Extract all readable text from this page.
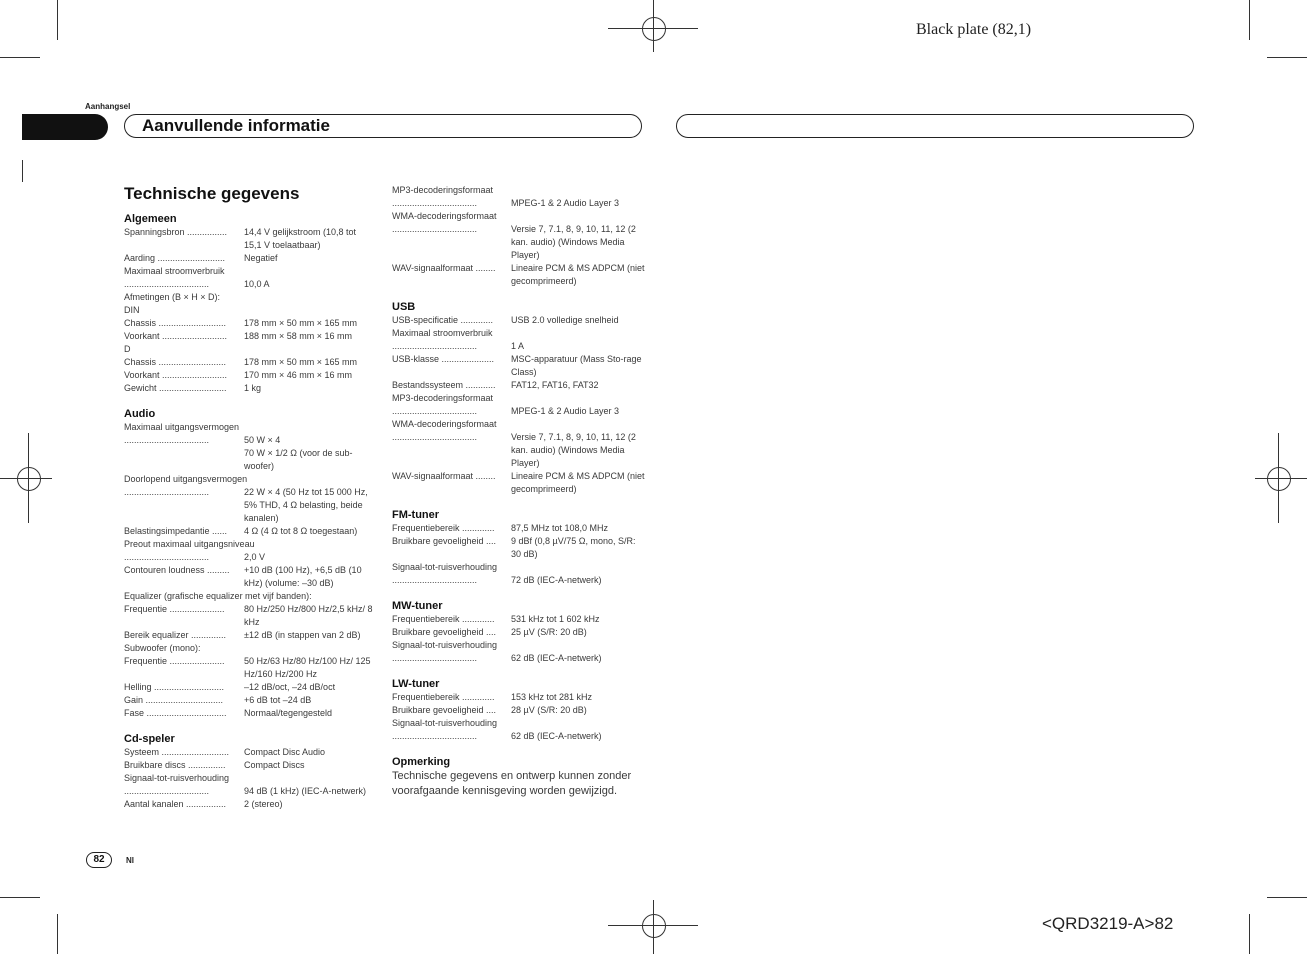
Black plate (82,1)
<QRD3219-A>82
Aanhangsel
Aanvullende informatie
Technische gegevens
Algemeen
Spanningsbron ................	14,4 V gelijkstroom (10,8 tot 15,1 V toelaatbaar)
Aarding ...........................	Negatief
Maximaal stroomverbruik
..................................	10,0 A
Afmetingen (B × H × D):
DIN
Chassis ...........................	178 mm × 50 mm × 165 mm
Voorkant ..........................	188 mm × 58 mm × 16 mm
D
Chassis ...........................	178 mm × 50 mm × 165 mm
Voorkant ..........................	170 mm × 46 mm × 16 mm
Gewicht ...........................	1 kg
Audio
Maximaal uitgangsvermogen
..................................	50 W × 4
70 W × 1/2 Ω (voor de sub-woofer)
Doorlopend uitgangsvermogen
..................................	22 W × 4 (50 Hz tot 15 000 Hz, 5% THD, 4 Ω belasting, beide kanalen)
Belastingsimpedantie ......	4 Ω (4 Ω tot 8 Ω toegestaan)
Preout maximaal uitgangsniveau
..................................	2,0 V
Contouren loudness .........	+10 dB (100 Hz), +6,5 dB (10 kHz) (volume: –30 dB)
Equalizer (grafische equalizer met vijf banden):
Frequentie ......................	80 Hz/250 Hz/800 Hz/2,5 kHz/ 8 kHz
Bereik equalizer ..............	±12 dB (in stappen van 2 dB)
Subwoofer (mono):
Frequentie ......................	50 Hz/63 Hz/80 Hz/100 Hz/ 125 Hz/160 Hz/200 Hz
Helling ............................	–12 dB/oct, –24 dB/oct
Gain ...............................	+6 dB tot –24 dB
Fase ................................	Normaal/tegengesteld
Cd-speler
Systeem ...........................	Compact Disc Audio
Bruikbare discs ...............	Compact Discs
Signaal-tot-ruisverhouding
..................................	94 dB (1 kHz) (IEC-A-netwerk)
Aantal kanalen ................	2 (stereo)
MP3-decoderingsformaat
..................................	MPEG-1 & 2 Audio Layer 3
WMA-decoderingsformaat
..................................	Versie 7, 7.1, 8, 9, 10, 11, 12 (2 kan. audio) (Windows Media Player)
WAV-signaalformaat ........	Lineaire PCM & MS ADPCM (niet gecomprimeerd)
USB
USB-specificatie .............	USB 2.0 volledige snelheid
Maximaal stroomverbruik
..................................	1 A
USB-klasse .....................	MSC-apparatuur (Mass Sto-rage Class)
Bestandssysteem ............	FAT12, FAT16, FAT32
MP3-decoderingsformaat
..................................	MPEG-1 & 2 Audio Layer 3
WMA-decoderingsformaat
..................................	Versie 7, 7.1, 8, 9, 10, 11, 12 (2 kan. audio) (Windows Media Player)
WAV-signaalformaat ........	Lineaire PCM & MS ADPCM (niet gecomprimeerd)
FM-tuner
Frequentiebereik .............	87,5 MHz tot 108,0 MHz
Bruikbare gevoeligheid ....	9 dBf (0,8 µV/75 Ω, mono, S/R: 30 dB)
Signaal-tot-ruisverhouding
..................................	72 dB (IEC-A-netwerk)
MW-tuner
Frequentiebereik .............	531 kHz tot 1 602 kHz
Bruikbare gevoeligheid ....	25 µV (S/R: 20 dB)
Signaal-tot-ruisverhouding
..................................	62 dB (IEC-A-netwerk)
LW-tuner
Frequentiebereik .............	153 kHz tot 281 kHz
Bruikbare gevoeligheid ....	28 µV (S/R: 20 dB)
Signaal-tot-ruisverhouding
..................................	62 dB (IEC-A-netwerk)
Opmerking
Technische gegevens en ontwerp kunnen zonder voorafgaande kennisgeving worden gewijzigd.
82	Nl
